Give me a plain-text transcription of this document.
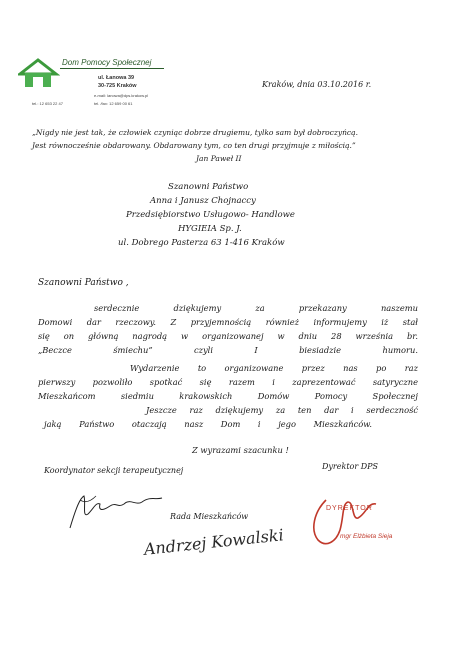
Dom Pomocy Społecznej
ul. Łanowa 39
30-725 Kraków
e-mail: lanowa@dps.krakow.pl
tel.: 12 653 22 47	tel. /fax: 12 659 00 61
Kraków, dnia 03.10.2016 r.
„Nigdy nie jest tak, że człowiek czyniąc dobrze drugiemu, tylko sam był dobroczyńcą.
Jest równocześnie obdarowany. Obdarowany tym, co ten drugi przyjmuje z miłością.”
Jan Paweł II
Szanowni Państwo
Anna i Janusz Chojnaccy
Przedsiębiorstwo Usługowo- Handlowe
HYGIEIA Sp. J.
ul. Dobrego Pasterza 63 1-416 Kraków
Szanowni Państwo ,
serdecznie dziękujemy za przekazany naszemu
Domowi dar rzeczowy. Z przyjemnością również informujemy iż stał
się on główną nagrodą w organizowanej w dniu 28 września br.
„Beczce śmiechu” czyli I biesiadzie humoru.
Wydarzenie to organizowane przez nas po raz
pierwszy pozwoliło spotkać się razem i zaprezentować satyryczne
Mieszkańcom siedmiu krakowskich Domów Pomocy Społecznej
Jeszcze raz dziękujemy za ten dar i serdeczność
jaką Państwo otaczają nasz Dom i jego Mieszkańców.
Z wyrazami szacunku !
Koordynator sekcji terapeutycznej	Dyrektor DPS
Rada Mieszkańców
Andrzej Kowalski
DYREKTOR
mgr Elżbieta Sieja
